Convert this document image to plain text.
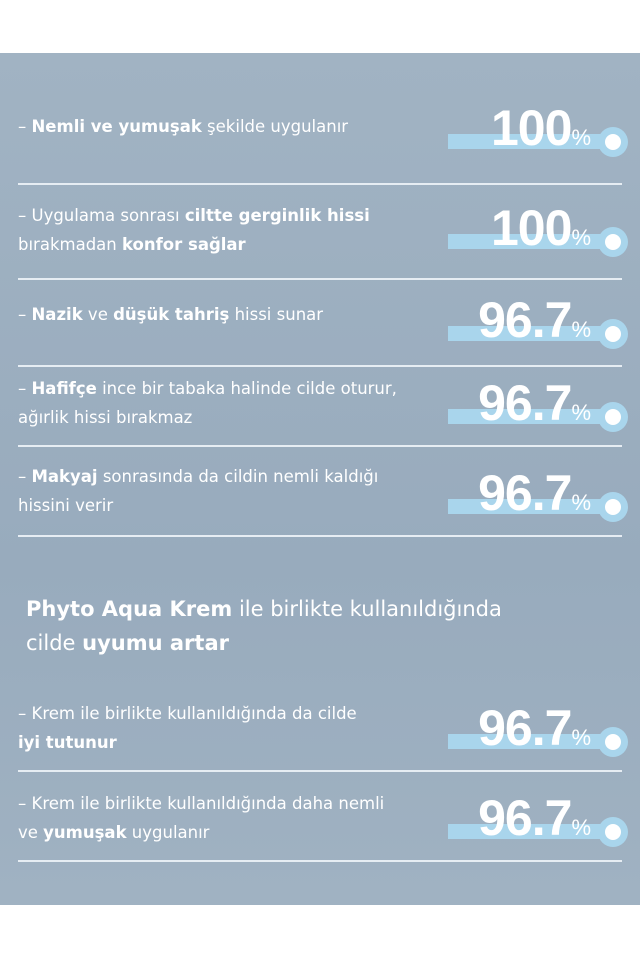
– Nemli ve yumuşak şekilde uygulanır	100%
– Uygulama sonrası ciltte gerginlik hissi
bırakmadan konfor sağlar	100%
– Nazik ve düşük tahriş hissi sunar	96.7%
– Hafifçe ince bir tabaka halinde cilde oturur,
ağırlik hissi bırakmaz	96.7%
– Makyaj sonrasında da cildin nemli kaldığı
hissini verir	96.7%
– Krem ile birlikte kullanıldığında da cilde
iyi tutunur	96.7%
– Krem ile birlikte kullanıldığında daha nemli
ve yumuşak uygulanır	96.7%
Phyto Aqua Krem ile birlikte kullanıldığında
cilde uyumu artar
